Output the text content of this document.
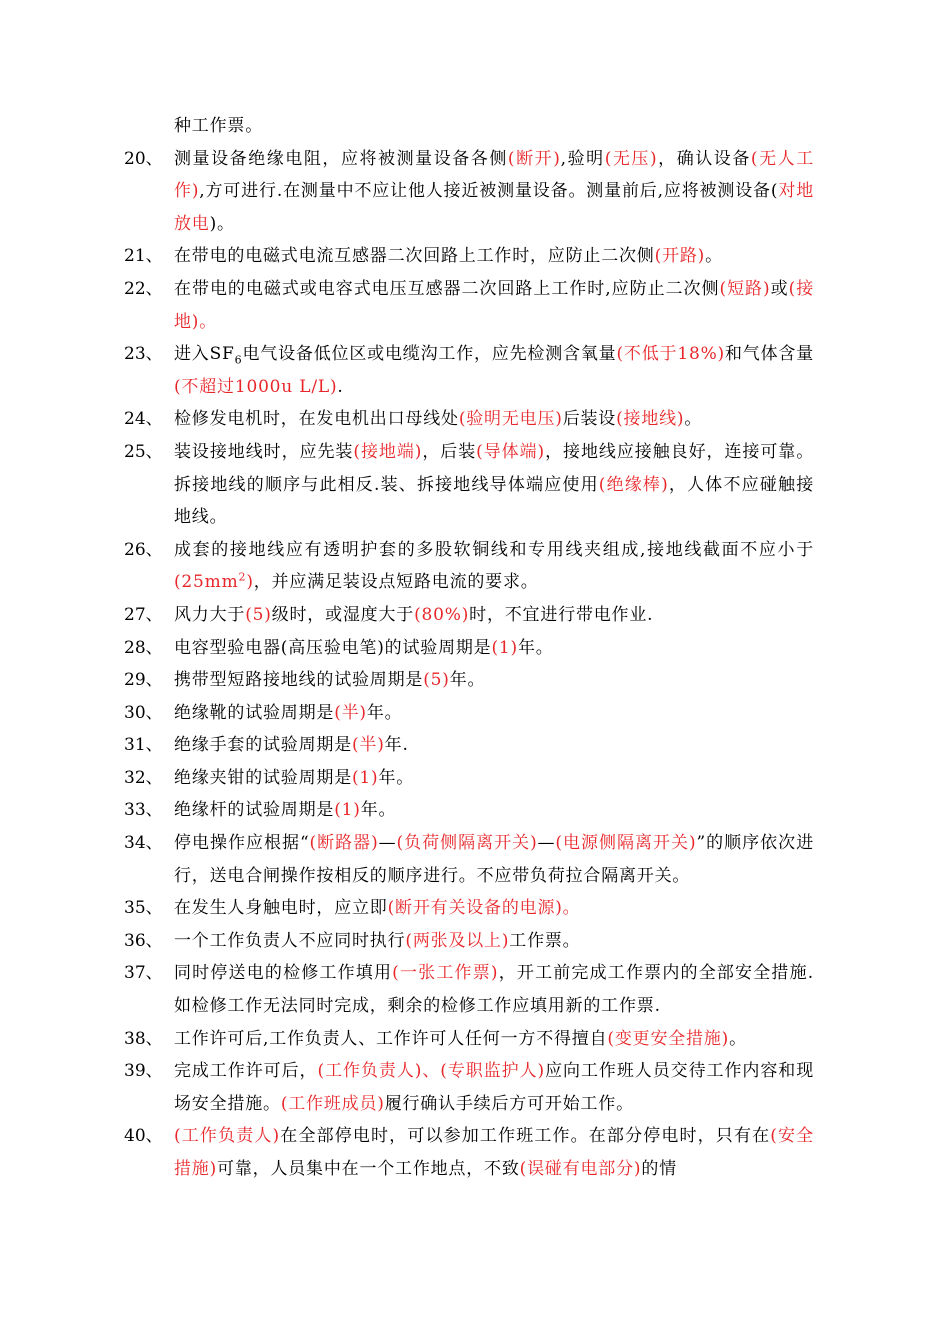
种工作票。
20、 测量设备绝缘电阻，应将被测量设备各侧(断开),验明(无压)，确认设备(无人工作),方可进行.在测量中不应让他人接近被测量设备。测量前后,应将被测设备(对地放电)。
21、 在带电的电磁式电流互感器二次回路上工作时，应防止二次侧(开路)。
22、 在带电的电磁式或电容式电压互感器二次回路上工作时,应防止二次侧(短路)或(接地)。
23、 进入$SF_6$电气设备低位区或电缆沟工作，应先检测含氧量(不低于18%)和气体含量(不超过1000u L/L).
24、 检修发电机时，在发电机出口母线处(验明无电压)后装设(接地线)。
25、 装设接地线时，应先装(接地端)，后装(导体端)，接地线应接触良好，连接可靠。拆接地线的顺序与此相反.装、拆接地线导体端应使用(绝缘棒)，人体不应碰触接地线。
26、 成套的接地线应有透明护套的多股软铜线和专用线夹组成,接地线截面不应小于$(25mm^2)$，并应满足装设点短路电流的要求。
27、 风力大于(5)级时，或湿度大于(80%)时，不宜进行带电作业.
28、 电容型验电器(高压验电笔)的试验周期是(1)年。
29、 携带型短路接地线的试验周期是(5)年。
30、 绝缘靴的试验周期是(半)年。
31、 绝缘手套的试验周期是(半)年.
32、 绝缘夹钳的试验周期是(1)年。
33、 绝缘杆的试验周期是(1)年。
34、 停电操作应根据“(断路器)—(负荷侧隔离开关)—(电源侧隔离开关)”的顺序依次进行，送电合闸操作按相反的顺序进行。不应带负荷拉合隔离开关。
35、 在发生人身触电时，应立即(断开有关设备的电源)。
36、 一个工作负责人不应同时执行(两张及以上)工作票。
37、 同时停送电的检修工作填用(一张工作票)，开工前完成工作票内的全部安全措施.如检修工作无法同时完成，剩余的检修工作应填用新的工作票.
38、 工作许可后,工作负责人、工作许可人任何一方不得擅自(变更安全措施)。
39、 完成工作许可后，(工作负责人)、(专职监护人)应向工作班人员交待工作内容和现场安全措施。(工作班成员)履行确认手续后方可开始工作。
40、 (工作负责人)在全部停电时，可以参加工作班工作。在部分停电时，只有在(安全措施)可靠，人员集中在一个工作地点，不致(误碰有电部分)的情
